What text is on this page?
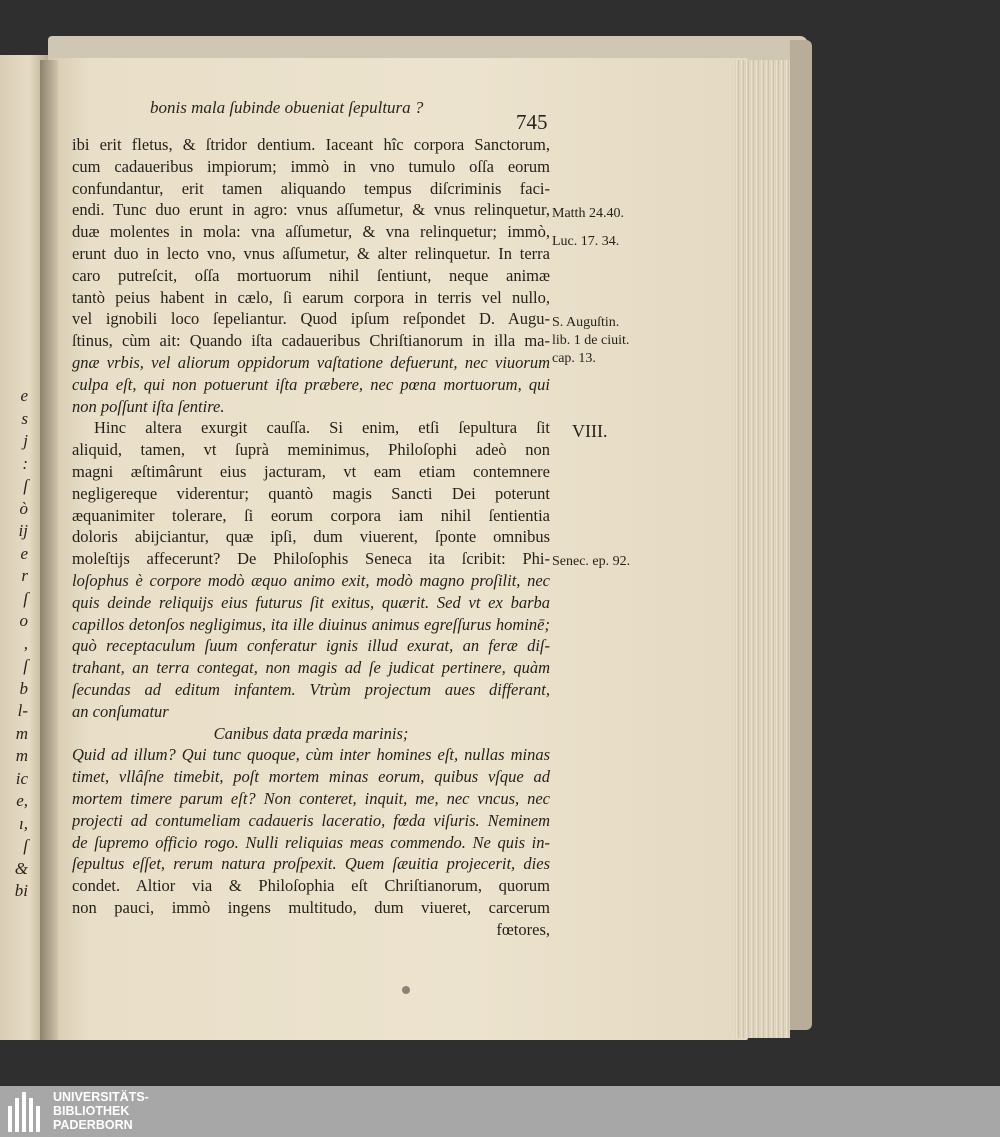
e
s
j
:
ſ
ò
ij
e
r
ſ
o
,
ſ
b
l-
m
m
ic
e,
ı,
ſ
&
bi
bonis mala ſubinde obueniat ſepultura ?
745
ibi erit fletus, & ſtridor dentium. Iaceant hîc corpora Sanctorum,
cum cadaueribus impiorum; immò in vno tumulo oſſa eorum
confundantur, erit tamen aliquando tempus diſcriminis faci-
endi. Tunc duo erunt in agro: vnus aſſumetur, & vnus relinquetur,
duæ molentes in mola: vna aſſumetur, & vna relinquetur; immò,
erunt duo in lecto vno, vnus aſſumetur, & alter relinquetur. In terra
caro putreſcit, oſſa mortuorum nihil ſentiunt, neque animæ
tantò peius habent in cælo, ſi earum corpora in terris vel nullo,
vel ignobili loco ſepeliantur. Quod ipſum reſpondet D. Augu-
ſtinus, cùm ait: Quando iſta cadaueribus Chriſtianorum in illa ma-
gnæ vrbis, vel aliorum oppidorum vaſtatione defuerunt, nec viuorum
culpa eſt, qui non potuerunt iſta præbere, nec pœna mortuorum, qui
non poſſunt iſta ſentire.
Hinc altera exurgit cauſſa. Si enim, etſi ſepultura ſit
aliquid, tamen, vt ſuprà meminimus, Philoſophi adeò non
magni æſtimârunt eius jacturam, vt eam etiam contemnere
negligereque viderentur; quantò magis Sancti Dei poterunt
æquanimiter tolerare, ſi eorum corpora iam nihil ſentientia
doloris abijciantur, quæ ipſi, dum viuerent, ſponte omnibus
moleſtijs affecerunt? De Philoſophis Seneca ita ſcribit: Phi-
loſophus è corpore modò æquo animo exit, modò magno proſilit, nec
quis deinde reliquijs eius futurus ſit exitus, quærit. Sed vt ex barba
capillos detonſos negligimus, ita ille diuinus animus egreſſurus hominē;
quò receptaculum ſuum conferatur ignis illud exurat, an feræ diſ-
trahant, an terra contegat, non magis ad ſe judicat pertinere, quàm
ſecundas ad editum infantem. Vtrùm projectum aues differant,
an conſumatur
Canibus data præda marinis;
Quid ad illum? Qui tunc quoque, cùm inter homines eſt, nullas minas
timet, vllâſne timebit, poſt mortem minas eorum, quibus vſque ad
mortem timere parum eſt? Non conteret, inquit, me, nec vncus, nec
projecti ad contumeliam cadaueris laceratio, fœda viſuris. Neminem
de ſupremo officio rogo. Nulli reliquias meas commendo. Ne quis in-
ſepultus eſſet, rerum natura proſpexit. Quem ſæuitia projecerit, dies
condet. Altior via & Philoſophia eſt Chriſtianorum, quorum
non pauci, immò ingens multitudo, dum viueret, carcerum
fœtores,
Matth 24.40.
Luc. 17. 34.
S. Auguſtin.
lib. 1 de ciuit.
cap. 13.
VIII.
Senec. ep. 92.
UNIVERSITÄTS-
BIBLIOTHEK
PADERBORN
